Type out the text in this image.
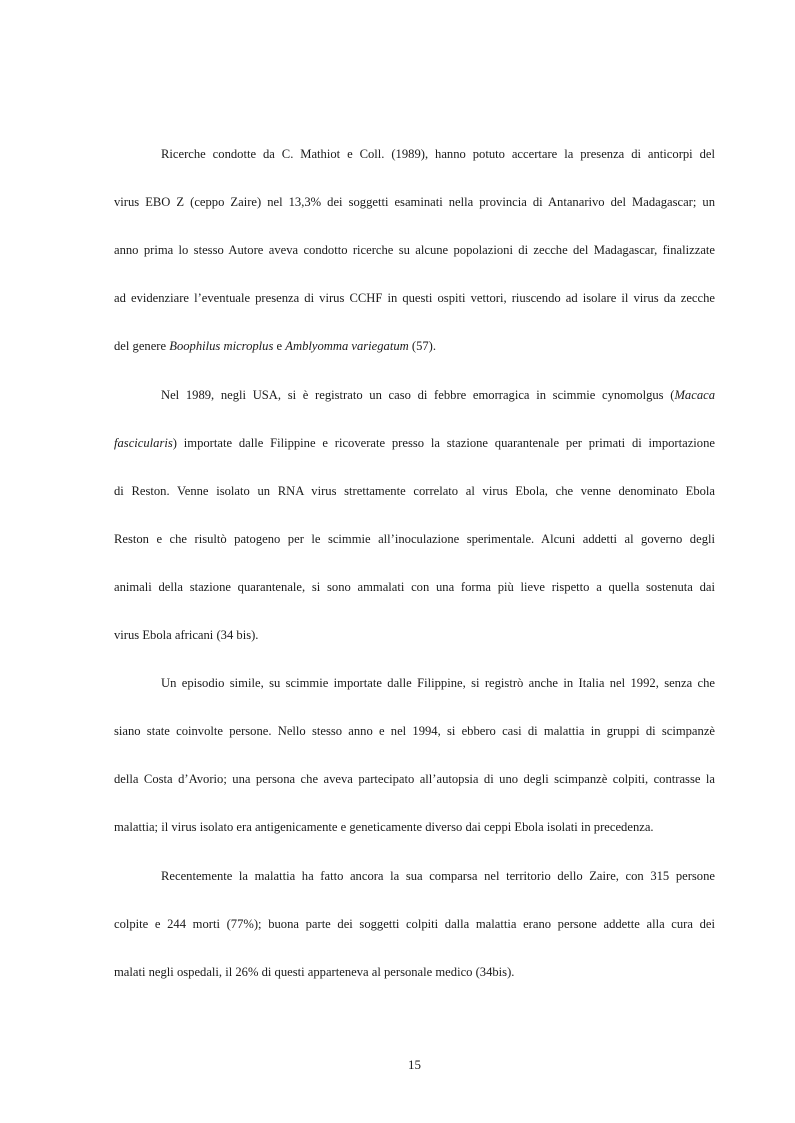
Ricerche condotte da C. Mathiot e Coll. (1989), hanno potuto accertare la presenza di anticorpi del
virus EBO Z (ceppo Zaire) nel 13,3% dei soggetti esaminati nella provincia di Antanarivo del Madagascar; un
anno prima lo stesso Autore aveva condotto ricerche su alcune popolazioni di zecche del Madagascar, finalizzate
ad evidenziare l’eventuale presenza di virus CCHF in questi ospiti vettori, riuscendo ad isolare il virus da zecche
del genere Boophilus microplus e Amblyomma variegatum (57).
Nel 1989, negli USA, si è registrato un caso di febbre emorragica in scimmie cynomolgus (Macaca
fascicularis) importate dalle Filippine e ricoverate presso la stazione quarantenale per primati di importazione
di Reston. Venne isolato un RNA virus strettamente correlato al virus Ebola, che venne denominato Ebola
Reston e che risultò patogeno per le scimmie all’inoculazione sperimentale. Alcuni addetti al governo degli
animali della stazione quarantenale, si sono ammalati con una forma più lieve rispetto a quella sostenuta dai
virus Ebola africani (34 bis).
Un episodio simile, su scimmie importate dalle Filippine, si registrò anche in Italia nel 1992, senza che
siano state coinvolte persone. Nello stesso anno e nel 1994, si ebbero casi di malattia in gruppi di scimpanzè
della Costa d’Avorio; una persona che aveva partecipato all’autopsia di uno degli scimpanzè colpiti, contrasse la
malattia; il virus isolato era antigenicamente e geneticamente diverso dai ceppi Ebola isolati in precedenza.
Recentemente la malattia ha fatto ancora la sua comparsa nel territorio dello Zaire, con 315 persone
colpite e 244 morti (77%); buona parte dei soggetti colpiti dalla malattia erano persone addette alla cura dei
malati negli ospedali, il 26% di questi apparteneva al personale medico (34bis).
15
